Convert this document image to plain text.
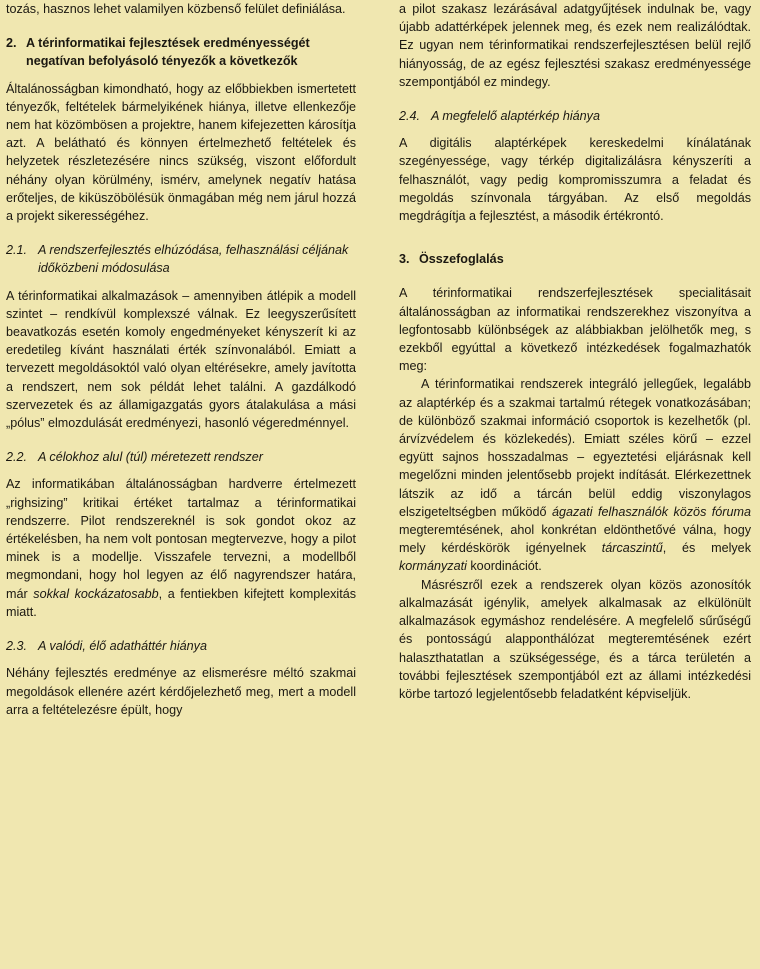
tozás, hasznos lehet valamilyen közbenső felület definiálása.

2. A térinformatikai fejlesztések eredményességét negatívan befolyásoló tényezők a következők

Általánosságban kimondható, hogy az előbbiekben ismertetett tényezők, feltételek bármelyikének hiánya, illetve ellenkezője nem hat közömbösen a projektre, hanem kifejezetten károsítja azt. A belátható és könnyen értelmezhető feltételek és helyzetek részletezésére nincs szükség, viszont előfordult néhány olyan körülmény, ismérv, amelynek negatív hatása erőteljes, de kiküszöbölésük önmagában még nem járul hozzá a projekt sikerességéhez.

2.1. A rendszerfejlesztés elhúzódása, felhasználási céljának időközbeni módosulása

A térinformatikai alkalmazások – amennyiben átlépik a modell szintet – rendkívül komplexszé válnak. Ez leegyszerűsített beavatkozás esetén komoly engedményeket kényszerít ki az eredetileg kívánt használati érték színvonalából. Emiatt a tervezett megoldásoktól való olyan eltérésekre, amely javította a rendszert, nem sok példát lehet találni. A gazdálkodó szervezetek és az államigazgatás gyors átalakulása a mási „pólus” elmozdulását eredményezi, hasonló végeredménnyel.

2.2. A célokhoz alul (túl) méretezett rendszer

Az informatikában általánosságban hardverre értelmezett „righsizing” kritikai értéket tartalmaz a térinformatikai rendszerre. Pilot rendszereknél is sok gondot okoz az értékelésben, ha nem volt pontosan megtervezve, hogy a pilot minek is a modellje. Visszafele tervezni, a modellből megmondani, hogy hol legyen az élő nagyrendszer határa, már sokkal kockázatosabb, a fentiekben kifejtett komplexitás miatt.

2.3. A valódi, élő adatháttér hiánya

Néhány fejlesztés eredménye az elismerésre méltó szakmai megoldások ellenére azért kérdőjelezhető meg, mert a modell arra a feltételezésre épült, hogy

a pilot szakasz lezárásával adatgyűjtések indulnak be, vagy újabb adattérképek jelennek meg, és ezek nem realizálódtak. Ez ugyan nem térinformatikai rendszerfejlesztésen belül rejlő hiányosság, de az egész fejlesztési szakasz eredményessége szempontjából ez mindegy.

2.4. A megfelelő alaptérkép hiánya

A digitális alaptérképek kereskedelmi kínálatának szegényessége, vagy térkép digitalizálásra kényszeríti a felhasználót, vagy pedig kompromisszumra a feladat és megoldás színvonala tárgyában. Az első megoldás megdrágítja a fejlesztést, a második értékrontó.

3. Összefoglalás

A térinformatikai rendszerfejlesztések specialitásait általánosságban az informatikai rendszerekhez viszonyítva a legfontosabb különbségek az alábbiakban jelölhetők meg, s ezekből egyúttal a következő intézkedések fogalmazhatók meg:

A térinformatikai rendszerek integráló jellegűek, legalább az alaptérkép és a szakmai tartalmú rétegek vonatkozásában; de különböző szakmai információ csoportok is kezelhetők (pl. árvízvédelem és közlekedés). Emiatt széles körű – ezzel együtt sajnos hosszadalmas – egyeztetési eljárásnak kell megelőzni minden jelentősebb projekt indítását. Elérkezettnek látszik az idő a tárcán belül eddig viszonylagos elszigeteltségben működő ágazati felhasználók közös fóruma megteremtésének, ahol konkrétan eldönthetővé válna, hogy mely kérdéskörök igényelnek tárcaszintű, és melyek kormányzati koordinációt.

Másrészről ezek a rendszerek olyan közös azonosítók alkalmazását igénylik, amelyek alkalmasak az elkülönült alkalmazások egymáshoz rendelésére. A megfelelő sűrűségű és pontosságú alapponthálózat megteremtésének ezért halaszthatatlan a szükségessége, és a tárca területén a további fejlesztések szempontjából ezt az állami intézkedési körbe tartozó legjelentősebb feladatként képviseljük.
